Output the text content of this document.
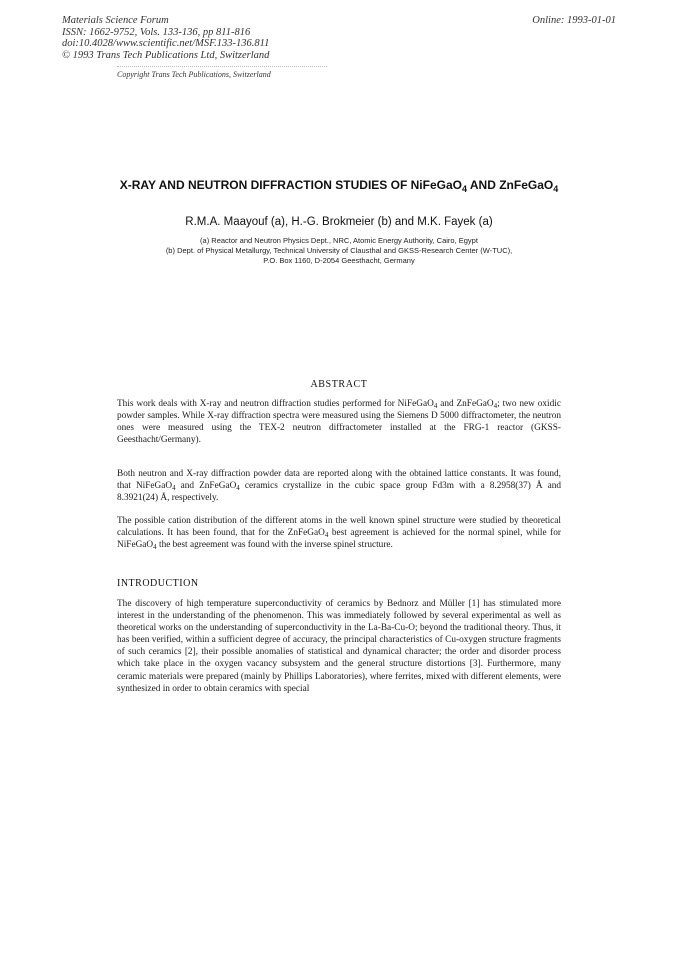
Materials Science Forum
ISSN: 1662-9752, Vols. 133-136, pp 811-816
doi:10.4028/www.scientific.net/MSF.133-136.811
© 1993 Trans Tech Publications Ltd, Switzerland
Online: 1993-01-01
Copyright Trans Tech Publications, Switzerland
X-RAY AND NEUTRON DIFFRACTION STUDIES OF NiFeGaO$_4$ AND ZnFeGaO$_4$
R.M.A. Maayouf (a), H.-G. Brokmeier (b) and M.K. Fayek (a)
(a) Reactor and Neutron Physics Dept., NRC, Atomic Energy Authority, Cairo, Egypt
(b) Dept. of Physical Metallurgy, Technical University of Clausthal and GKSS-Research Center (W-TUC),
P.O. Box 1160, D-2054 Geesthacht, Germany
ABSTRACT
This work deals with X-ray and neutron diffraction studies performed for NiFeGaO$_4$ and ZnFeGaO$_4$; two new oxidic powder samples. While X-ray diffraction spectra were measured using the Siemens D 5000 diffractometer, the neutron ones were measured using the TEX-2 neutron diffractometer installed at the FRG-1 reactor (GKSS-Geesthacht/Germany).
Both neutron and X-ray diffraction powder data are reported along with the obtained lattice constants. It was found, that NiFeGaO$_4$ and ZnFeGaO$_4$ ceramics crystallize in the cubic space group Fd3m with a 8.2958(37) Å and 8.3921(24) Å, respectively.
The possible cation distribution of the different atoms in the well known spinel structure were studied by theoretical calculations. It has been found, that for the ZnFeGaO$_4$ best agreement is achieved for the normal spinel, while for NiFeGaO$_4$ the best agreement was found with the inverse spinel structure.
INTRODUCTION
The discovery of high temperature superconductivity of ceramics by Bednorz and Müller [1] has stimulated more interest in the understanding of the phenomenon. This was immediately followed by several experimental as well as theoretical works on the understanding of superconductivity in the La-Ba-Cu-O; beyond the traditional theory. Thus, it has been verified, within a sufficient degree of accuracy, the principal characteristics of Cu-oxygen structure fragments of such ceramics [2], their possible anomalies of statistical and dynamical character; the order and disorder process which take place in the oxygen vacancy subsystem and the general structure distortions [3]. Furthermore, many ceramic materials were prepared (mainly by Phillips Laboratories), where ferrites, mixed with different elements, were synthesized in order to obtain ceramics with special
